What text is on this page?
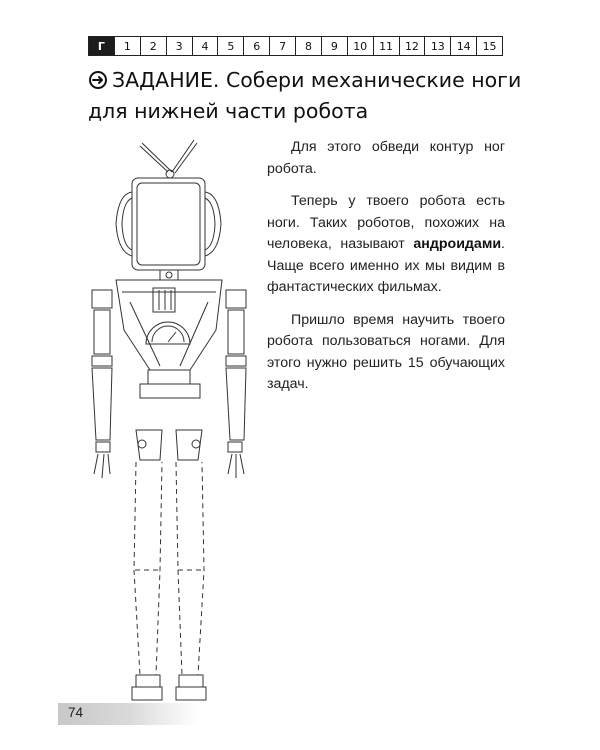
Г	1	2	3	4	5	6	7	8	9	10	11	12	13	14	15
ЗАДАНИЕ. Собери механические ноги
для нижней части робота

Для этого обведи контур ног робота.

Теперь у твоего робота есть ноги. Таких роботов, похожих на человека, называют андроидами. Чаще всего именно их мы видим в фантастических фильмах.

Пришло время научить твоего робота пользоваться ногами. Для этого нужно решить 15 обучающих задач.

74
